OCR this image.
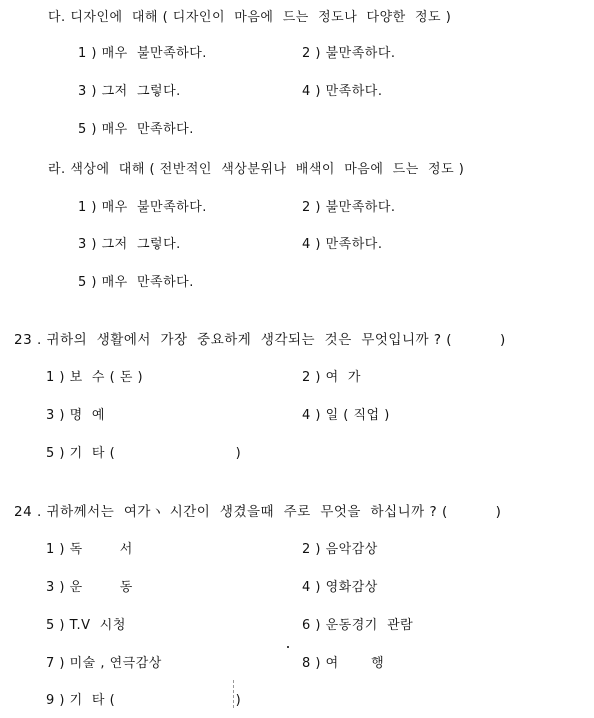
다. 디자인에  대해 ( 디자인이  마음에  드는  정도나  다양한  정도 )
1 ) 매우  불만족하다.	2 ) 불만족하다.
3 ) 그저  그렇다.	4 ) 만족하다.
5 ) 매우  만족하다.
라. 색상에  대해 ( 전반적인  색상분위나  배색이  마음에  드는  정도 )
1 ) 매우  불만족하다.	2 ) 불만족하다.
3 ) 그저  그렇다.	4 ) 만족하다.
5 ) 매우  만족하다.
23 . 귀하의  생활에서  가장  중요하게  생각되는  것은  무엇입니까 ? (          )
1 ) 보  수 ( 돈 )	2 ) 여  가
3 ) 명  예	4 ) 일 ( 직업 )
5 ) 기  타 (                          )
24 . 귀하께서는  여가ヽ 시간이  생겼을때  주로  무엇을  하십니까 ? (          )
1 ) 독        서	2 ) 음악감상
3 ) 운        동	4 ) 영화감상
5 ) T.V  시청	6 ) 운동경기  관람
7 ) 미술 , 연극감상	8 ) 여       행
9 ) 기  타 (                          )
